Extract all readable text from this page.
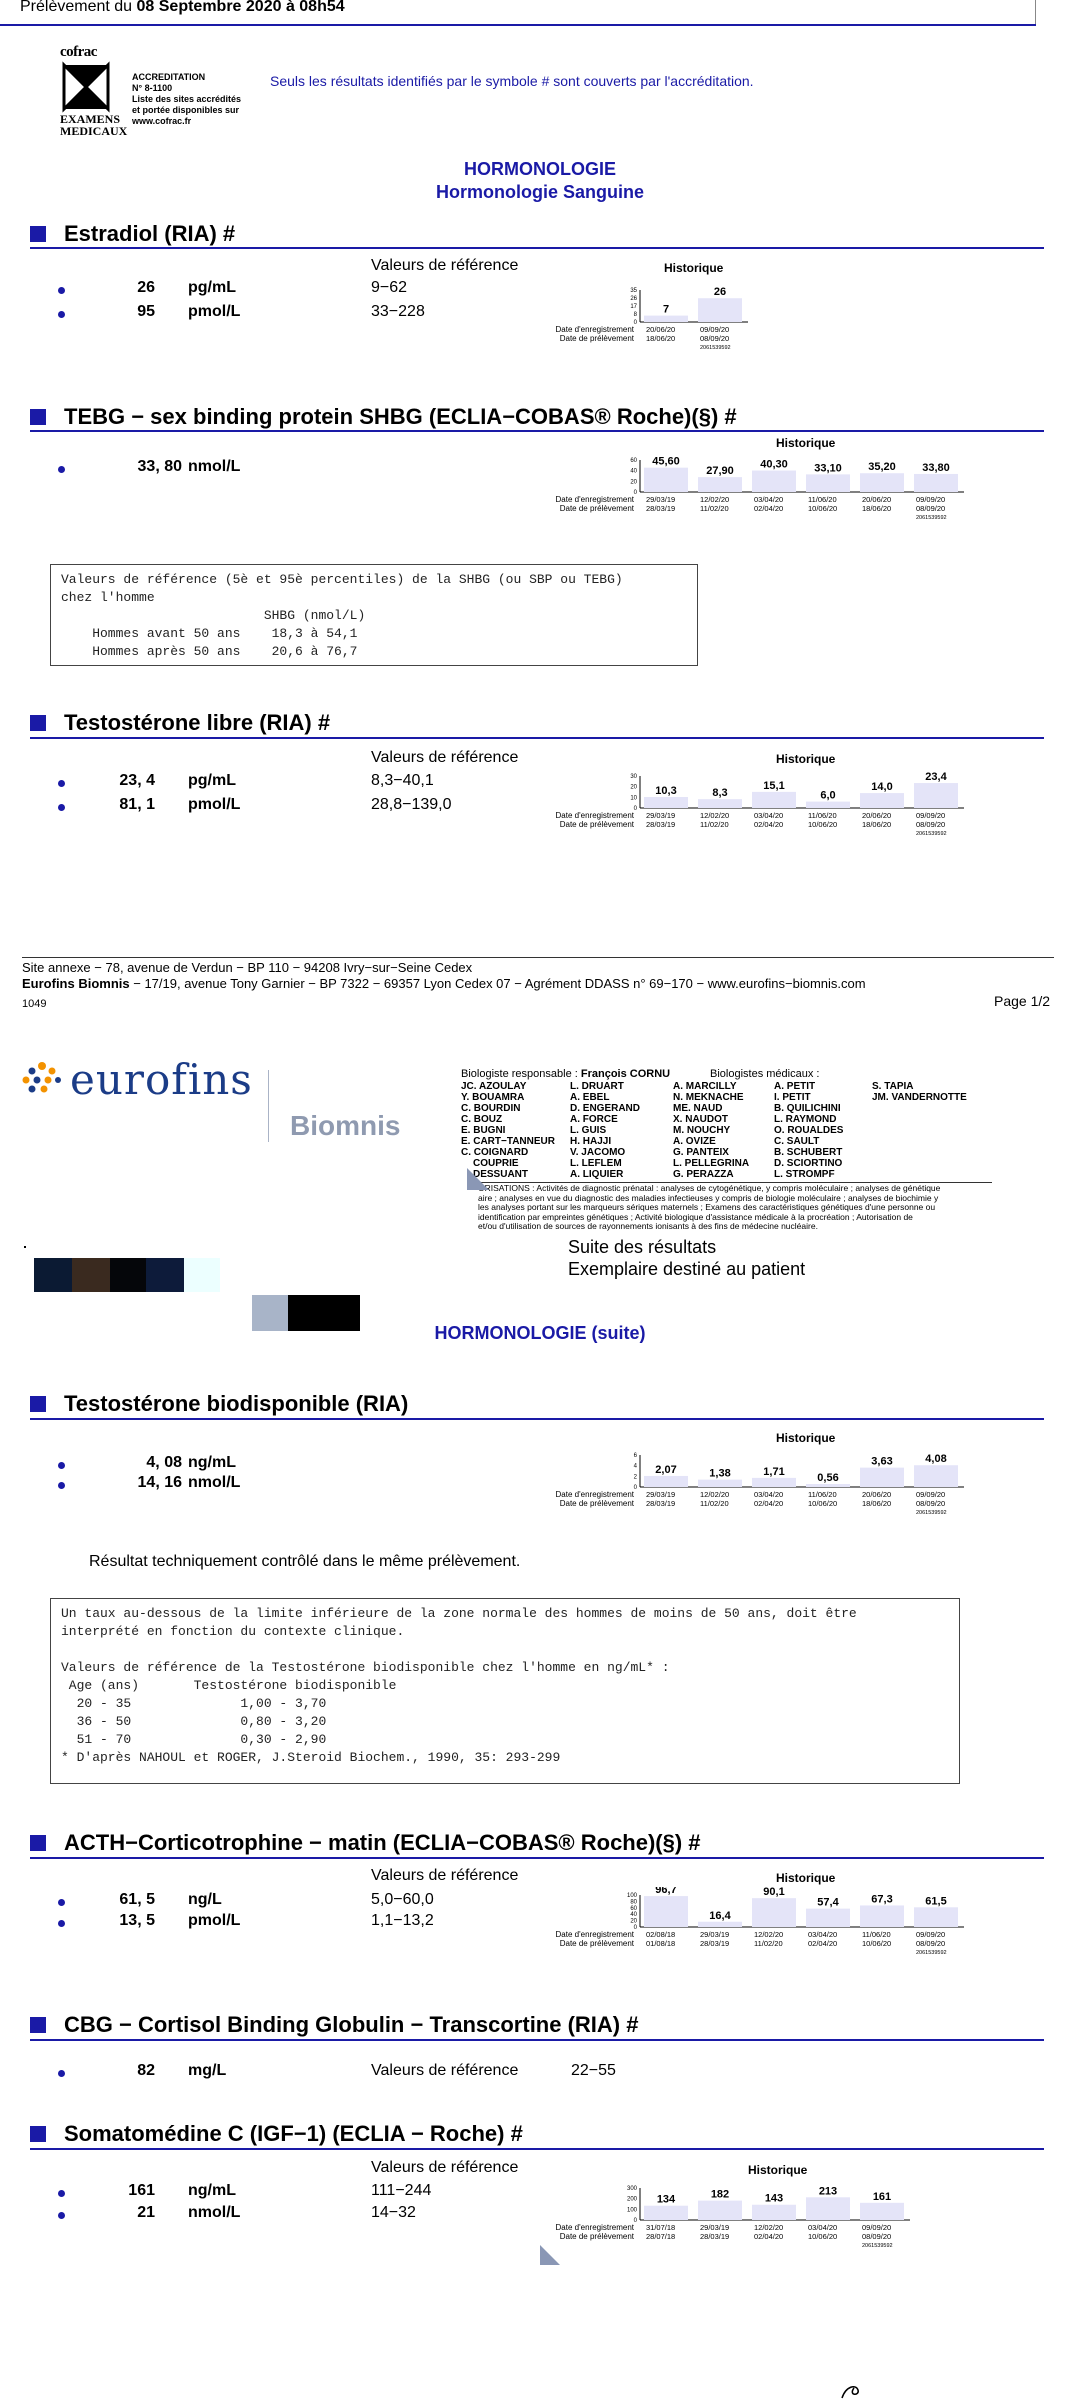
Prélèvement du 08 Septembre 2020 à 08h54
cofrac
EXAMENS
MEDICAUX
ACCREDITATION
N° 8-1100
Liste des sites accrédités
et portée disponibles sur
www.cofrac.fr
Seuls les résultats identifiés par le symbole # sont couverts par l'accréditation.
HORMONOLOGIE
Hormonologie Sanguine
Estradiol (RIA) #
Valeurs de référence	Historique
26 pg/mL	9−62
95 pmol/L	33−228
35
26
17
8
0
Date d'enregistrement
Date de prélèvement
7
20/06/20
18/06/20
26
09/09/20
08/09/20
2061539592
TEBG − sex binding protein SHBG (ECLIA−COBAS® Roche)(§) #
Historique
33, 80 nmol/L	60
40
20
0
Date d'enregistrement
Date de prélèvement
45,60
29/03/19
28/03/19
27,90
12/02/20
11/02/20
40,30
03/04/20
02/04/20
33,10
11/06/20
10/06/20
35,20
20/06/20
18/06/20
33,80
09/09/20
08/09/20
2061539592
Valeurs de référence (5è et 95è percentiles) de la SHBG (ou SBP ou TEBG)
chez l'homme
SHBG (nmol/L)
Hommes avant 50 ans    18,3 à 54,1
Hommes après 50 ans    20,6 à 76,7
Testostérone libre (RIA) #
Valeurs de référence	Historique
23, 4 pg/mL	8,3−40,1
81, 1 pmol/L	28,8−139,0
30
20
10
0
Date d'enregistrement
Date de prélèvement
10,3
29/03/19
28/03/19
8,3
12/02/20
11/02/20
15,1
03/04/20
02/04/20
6,0
11/06/20
10/06/20
14,0
20/06/20
18/06/20
23,4
09/09/20
08/09/20
2061539592
Site annexe − 78, avenue de Verdun − BP 110 − 94208 Ivry−sur−Seine Cedex
Eurofins Biomnis − 17/19, avenue Tony Garnier − BP 7322 − 69357 Lyon Cedex 07 − Agrément DDASS n° 69−170 − www.eurofins−biomnis.com
1049	Page 1/2
eurofins
Biomnis
Biologiste responsable : François CORNU	Biologistes médicaux :
JC. AZOULAY
Y. BOUAMRA
C. BOURDIN
C. BOUZ
E. BUGNI
E. CART−TANNEUR
C. COIGNARD
COUPRIE
DESSUANT
L. DRUART
A. EBEL
D. ENGERAND
A. FORCE
L. GUIS
H. HAJJI
V. JACOMO
L. LEFLEM
A. LIQUIER
A. MARCILLY
N. MEKNACHE
ME. NAUD
X. NAUDOT
M. NOUCHY
A. OVIZE
G. PANTEIX
L. PELLEGRINA
G. PERAZZA
A. PETIT
I. PETIT
B. QUILICHINI
L. RAYMOND
O. ROUALDES
C. SAULT
B. SCHUBERT
D. SCIORTINO
L. STROMPF
S. TAPIA
JM. VANDERNOTTE
ORISATIONS : Activités de diagnostic prénatal : analyses de cytogénétique, y compris moléculaire ; analyses de génétique
aire ; analyses en vue du diagnostic des maladies infectieuses y compris de biologie moléculaire ; analyses de biochimie y
les analyses portant sur les marqueurs sériques maternels ; Examens des caractéristiques génétiques d'une personne ou
identification par empreintes génétiques ; Activité biologique d'assistance médicale à la procréation ; Autorisation de
et/ou d'utilisation de sources de rayonnements ionisants à des fins de médecine nucléaire.
Suite des résultats
Exemplaire destiné au patient
HORMONOLOGIE (suite)
Testostérone biodisponible (RIA)
Historique
4, 08 ng/mL
14, 16 nmol/L
6
4
2
0
Date d'enregistrement
Date de prélèvement
2,07
29/03/19
28/03/19
1,38
12/02/20
11/02/20
1,71
03/04/20
02/04/20
0,56
11/06/20
10/06/20
3,63
20/06/20
18/06/20
4,08
09/09/20
08/09/20
2061539592
Résultat techniquement contrôlé dans le même prélèvement.
Un taux au-dessous de la limite inférieure de la zone normale des hommes de moins de 50 ans, doit être
interprété en fonction du contexte clinique.

Valeurs de référence de la Testostérone biodisponible chez l'homme en ng/mL* :
Age (ans)       Testostérone biodisponible
20 - 35              1,00 - 3,70
36 - 50              0,80 - 3,20
51 - 70              0,30 - 2,90
* D'après NAHOUL et ROGER, J.Steroid Biochem., 1990, 35: 293-299
ACTH−Corticotrophine − matin (ECLIA−COBAS® Roche)(§) #
Valeurs de référence	Historique
61, 5 ng/L	5,0−60,0
13, 5 pmol/L	1,1−13,2
100
80
60
40
20
0
Date d'enregistrement
Date de prélèvement
96,7
02/08/18
01/08/18
16,4
29/03/19
28/03/19
90,1
12/02/20
11/02/20
57,4
03/04/20
02/04/20
67,3
11/06/20
10/06/20
61,5
09/09/20
08/09/20
2061539592
CBG − Cortisol Binding Globulin − Transcortine (RIA) #
82 mg/L	Valeurs de référence	22−55
Somatomédine C (IGF−1) (ECLIA − Roche) #
Valeurs de référence	Historique
161 ng/mL	111−244
21 nmol/L	14−32
300
200
100
0
Date d'enregistrement
Date de prélèvement
134
31/07/18
28/07/18
182
29/03/19
28/03/19
143
12/02/20
02/04/20
213
03/04/20
10/06/20
161
09/09/20
08/09/20
2061539592
